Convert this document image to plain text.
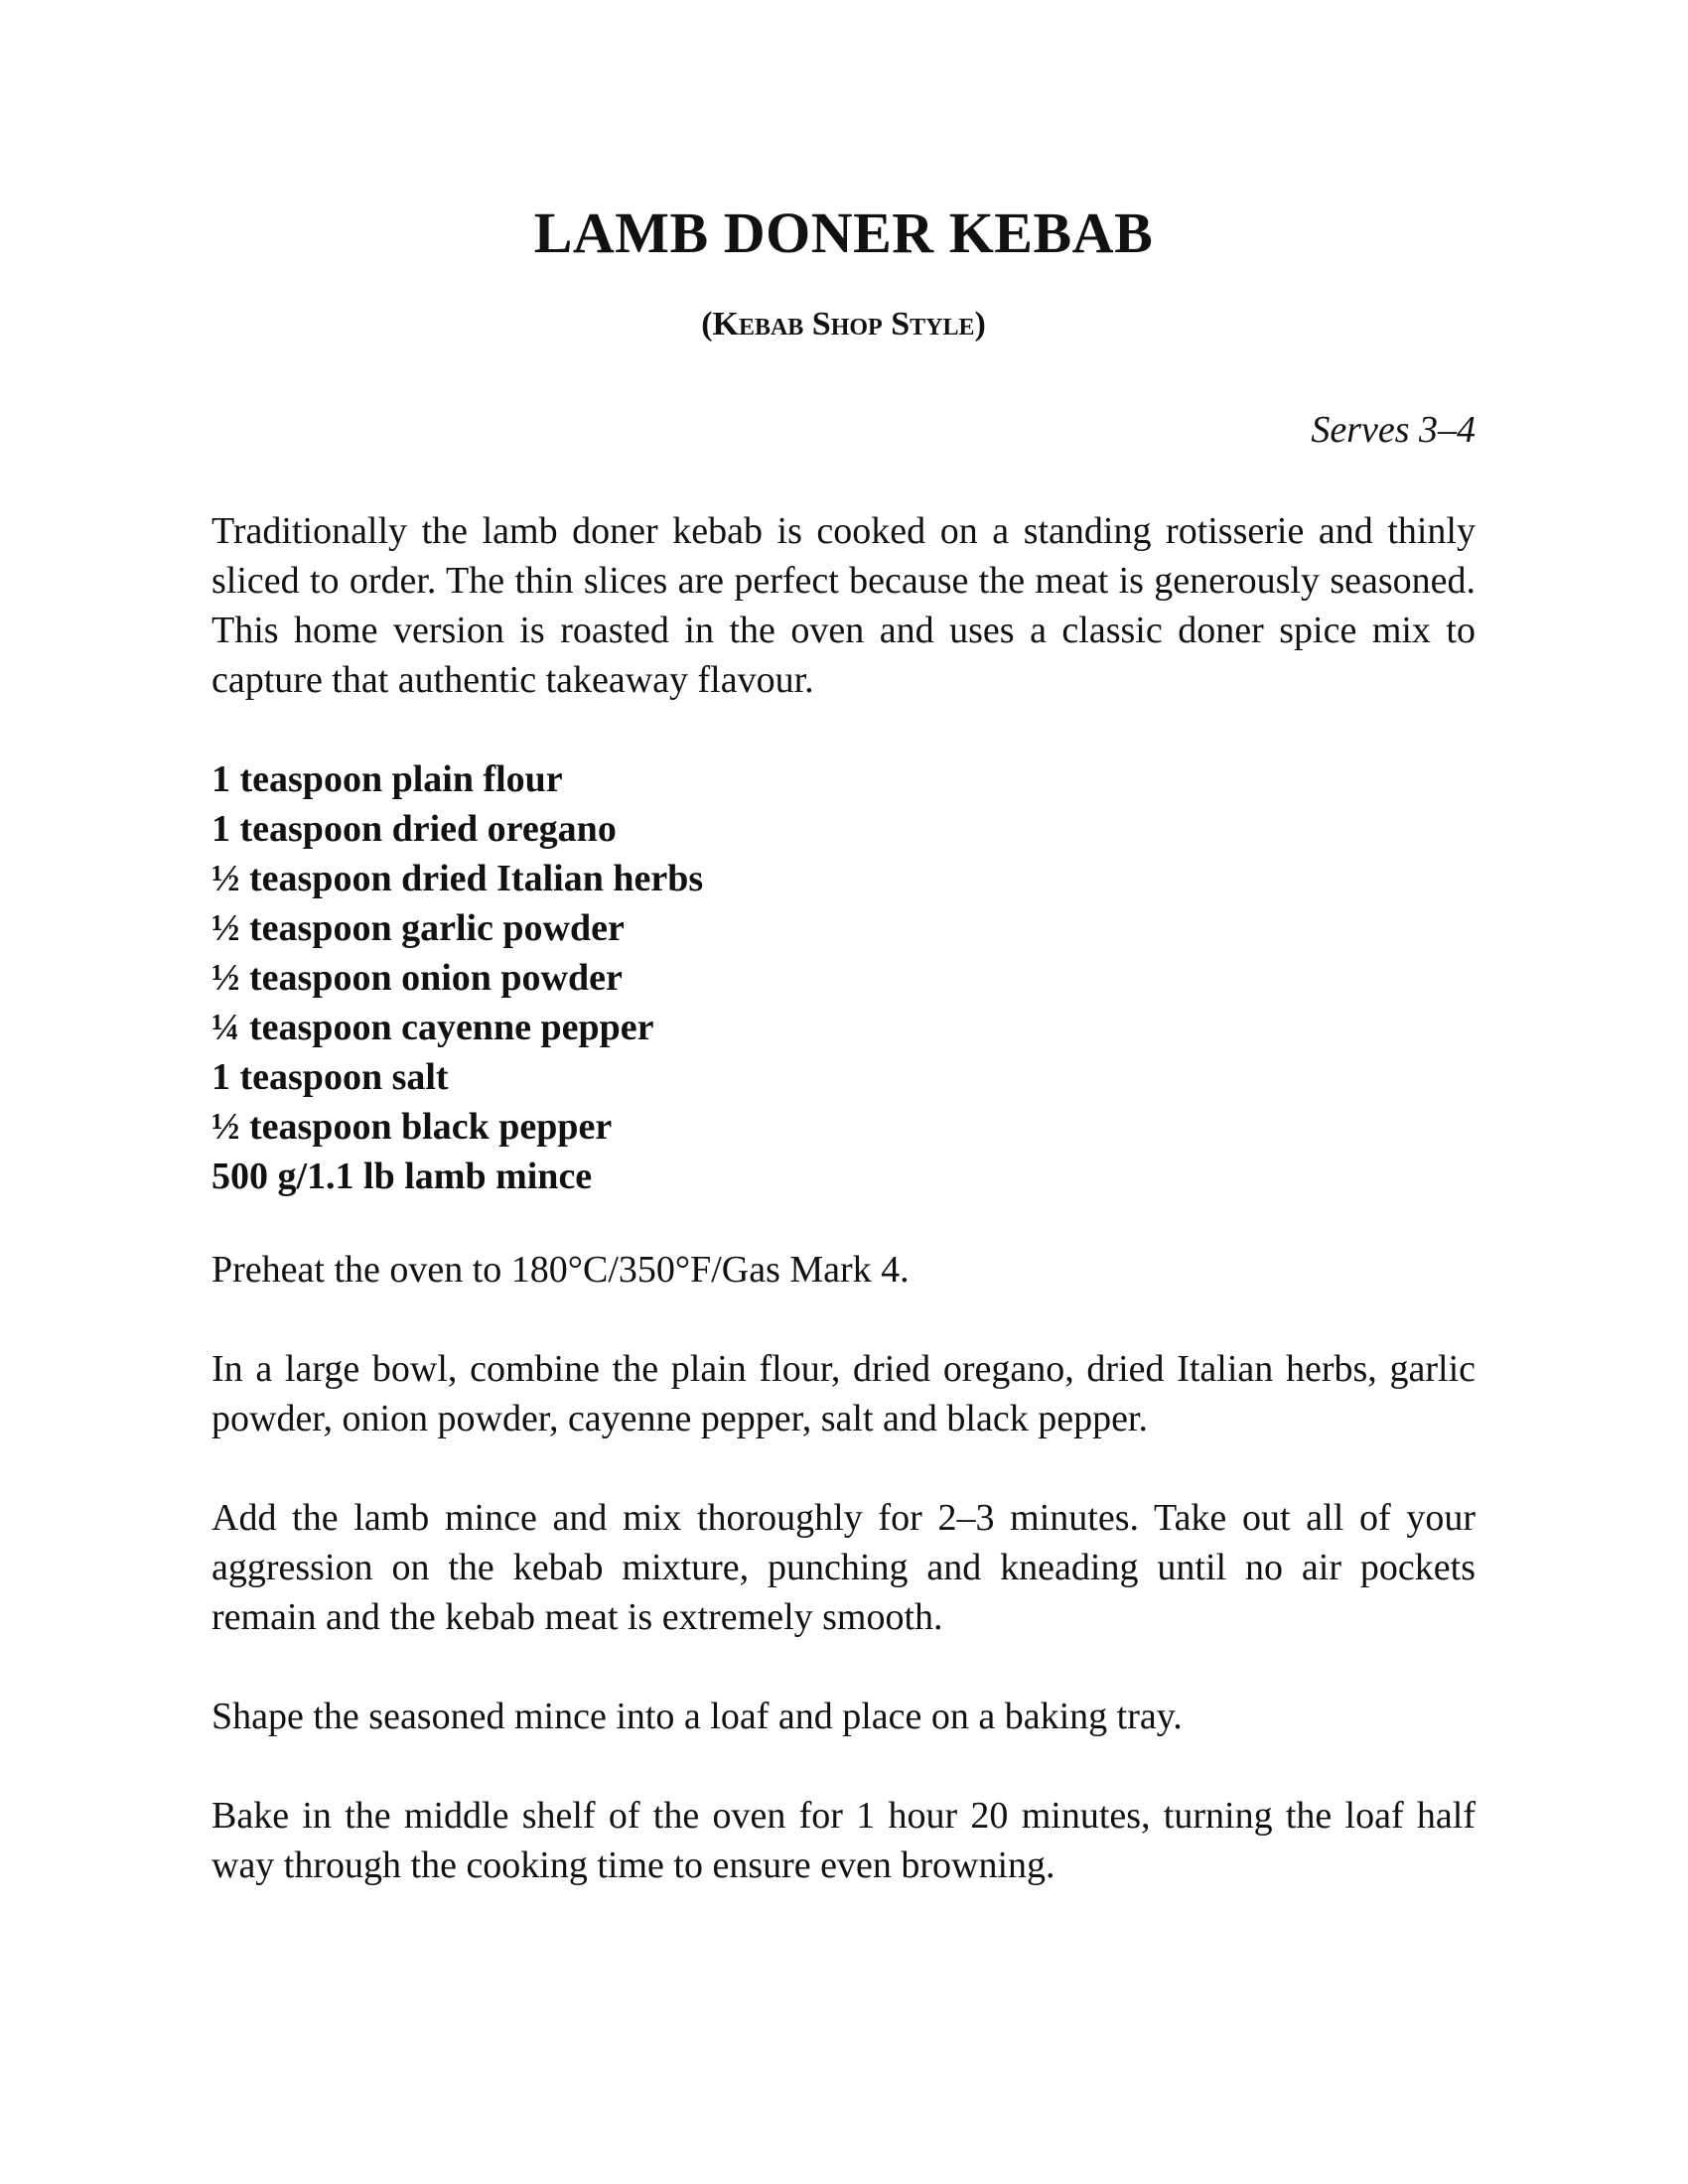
LAMB DONER KEBAB

(Kebab Shop Style)

Serves 3–4

Traditionally the lamb doner kebab is cooked on a standing rotisserie and thinly sliced to order. The thin slices are perfect because the meat is generously seasoned. This home version is roasted in the oven and uses a classic doner spice mix to capture that authentic takeaway flavour.

1 teaspoon plain flour
1 teaspoon dried oregano
½ teaspoon dried Italian herbs
½ teaspoon garlic powder
½ teaspoon onion powder
¼ teaspoon cayenne pepper
1 teaspoon salt
½ teaspoon black pepper
500 g/1.1 lb lamb mince

Preheat the oven to 180°C/350°F/Gas Mark 4.

In a large bowl, combine the plain flour, dried oregano, dried Italian herbs, garlic powder, onion powder, cayenne pepper, salt and black pepper.

Add the lamb mince and mix thoroughly for 2–3 minutes. Take out all of your aggression on the kebab mixture, punching and kneading until no air pockets remain and the kebab meat is extremely smooth.

Shape the seasoned mince into a loaf and place on a baking tray.

Bake in the middle shelf of the oven for 1 hour 20 minutes, turning the loaf half way through the cooking time to ensure even browning.
